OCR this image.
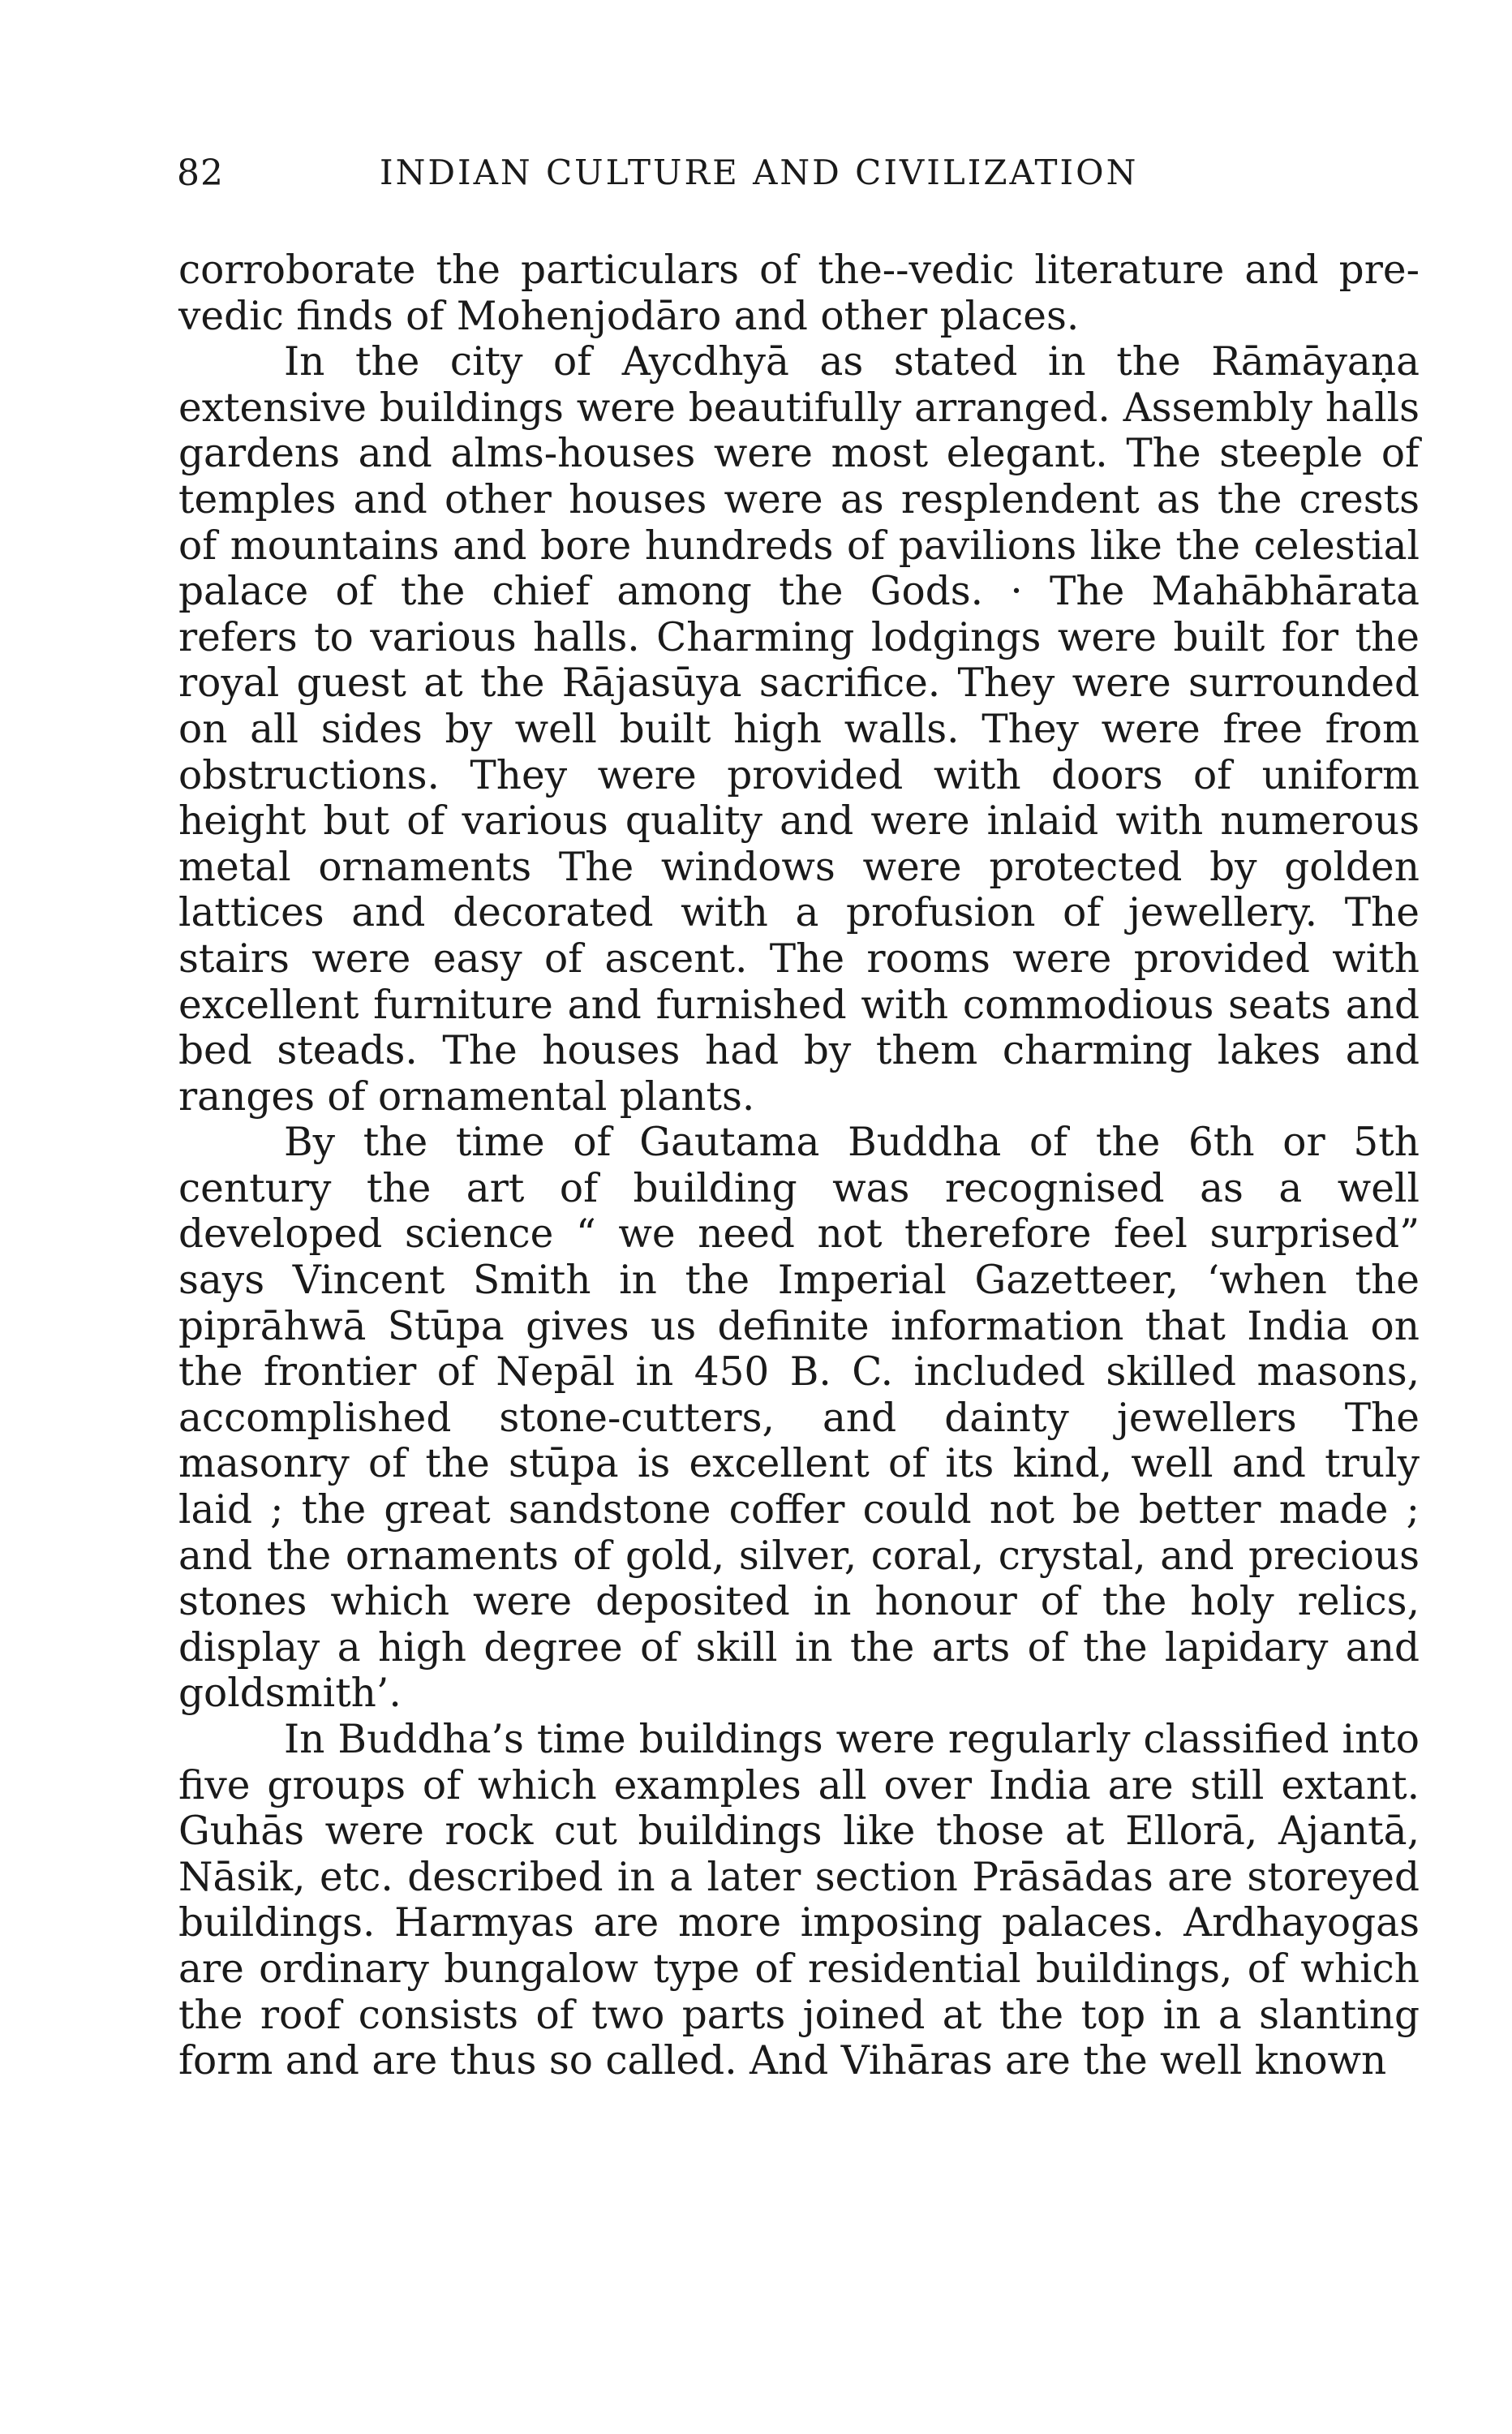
82	INDIAN CULTURE AND CIVILIZATION

corroborate the particulars of the--vedic literature and pre-vedic finds of Mohenjodāro and other places.

In the city of Aycdhyā as stated in the Rāmāyaṇa extensive buildings were beautifully arranged. Assembly halls gardens and alms-houses were most elegant. The steeple of temples and other houses were as resplendent as the crests of mountains and bore hundreds of pavilions like the celestial palace of the chief among the Gods. · The Mahābhārata refers to various halls. Charming lodgings were built for the royal guest at the Rājasūya sacrifice. They were surrounded on all sides by well built high walls. They were free from obstructions. They were provided with doors of uniform height but of various quality and were inlaid with numerous metal ornaments The windows were protected by golden lattices and decorated with a profusion of jewellery. The stairs were easy of ascent. The rooms were provided with excellent furniture and furnished with commodious seats and bed steads. The houses had by them charming lakes and ranges of ornamental plants.

By the time of Gautama Buddha of the 6th or 5th century the art of building was recognised as a well developed science “ we need not therefore feel surprised” says Vincent Smith in the Imperial Gazetteer, ‘when the piprāhwā Stūpa gives us definite information that India on the frontier of Nepāl in 450 B. C. included skilled masons, accomplished stone-cutters, and dainty jewellers The masonry of the stūpa is excellent of its kind, well and truly laid ; the great sandstone coffer could not be better made ; and the ornaments of gold, silver, coral, crystal, and precious stones which were deposited in honour of the holy relics, display a high degree of skill in the arts of the lapidary and goldsmith’.

In Buddha’s time buildings were regularly classified into five groups of which examples all over India are still extant. Guhās were rock cut buildings like those at Ellorā, Ajantā, Nāsik, etc. described in a later section Prāsādas are storeyed buildings. Harmyas are more imposing palaces. Ardhayogas are ordinary bungalow type of residential buildings, of which the roof consists of two parts joined at the top in a slanting form and are thus so called. And Vihāras are the well known
